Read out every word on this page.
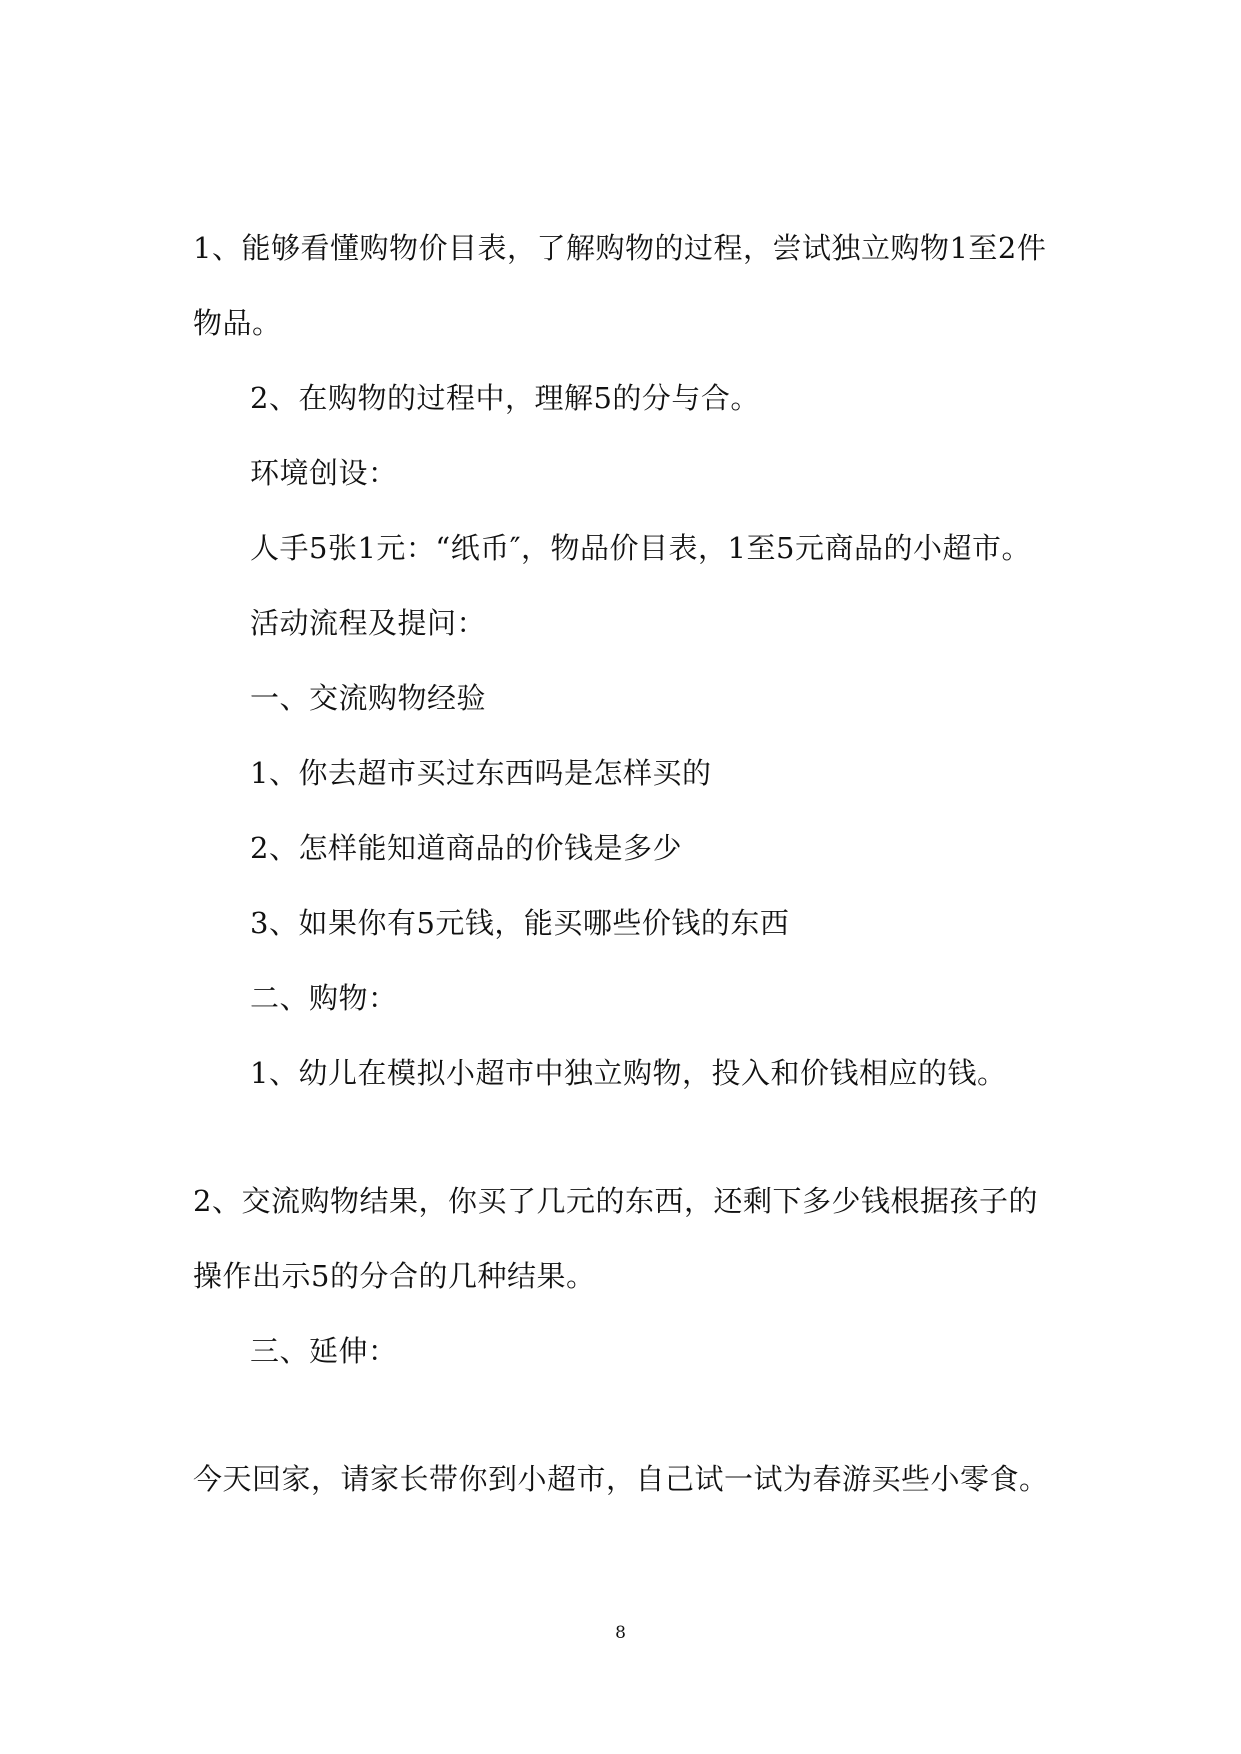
1、能够看懂购物价目表，了解购物的过程，尝试独立购物1至2件
物品。
2、在购物的过程中，理解5的分与合。
环境创设：
人手5张1元：“纸币″，物品价目表，1至5元商品的小超市。
活动流程及提问：
一、交流购物经验
1、你去超市买过东西吗是怎样买的
2、怎样能知道商品的价钱是多少
3、如果你有5元钱，能买哪些价钱的东西
二、购物：
1、幼儿在模拟小超市中独立购物，投入和价钱相应的钱。
2、交流购物结果，你买了几元的东西，还剩下多少钱根据孩子的
操作出示5的分合的几种结果。
三、延伸：
今天回家，请家长带你到小超市，自己试一试为春游买些小零食。
8
